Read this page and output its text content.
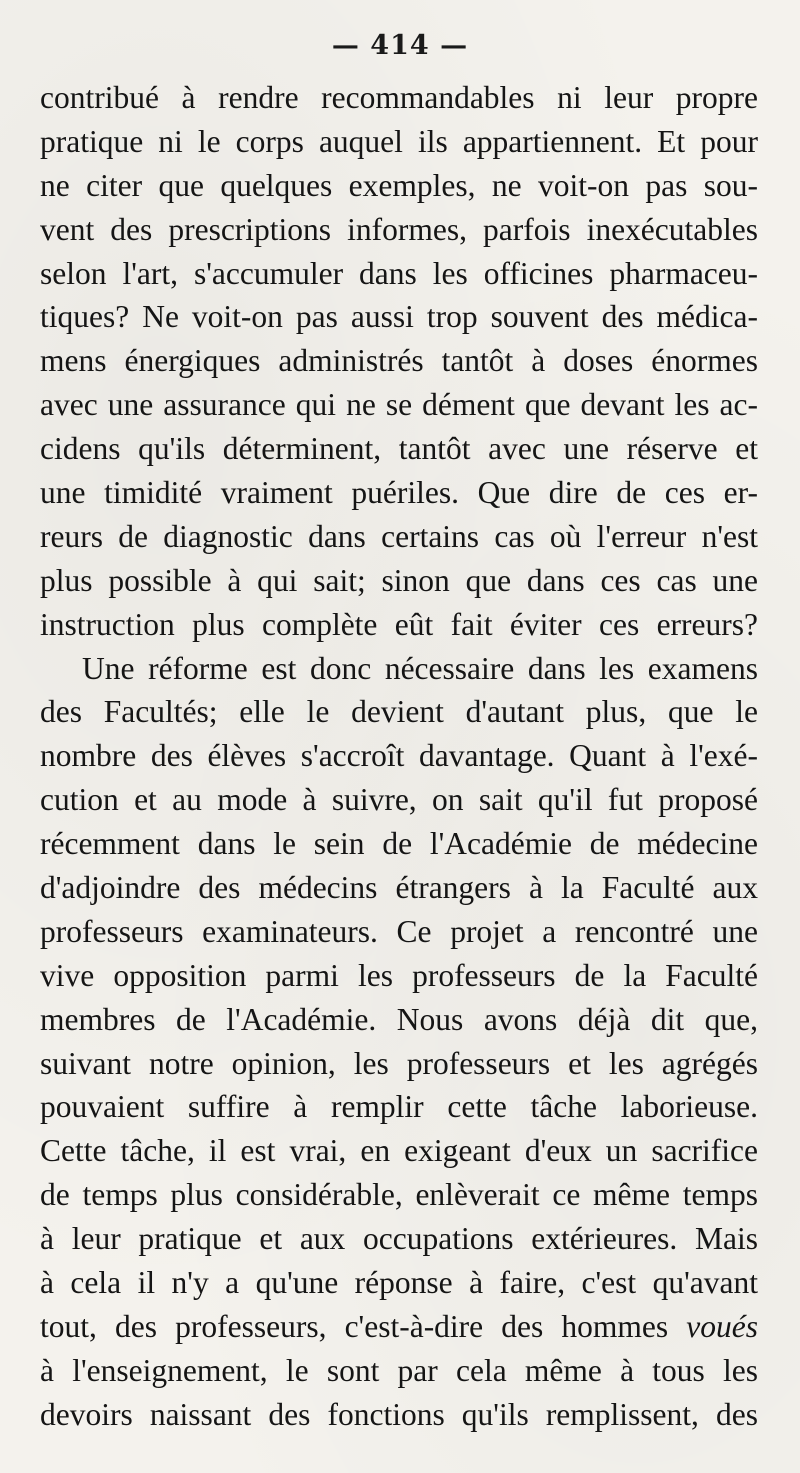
— 414 —
contribué à rendre recommandables ni leur propre
pratique ni le corps auquel ils appartiennent. Et pour
ne citer que quelques exemples, ne voit-on pas sou-
vent des prescriptions informes, parfois inexécutables
selon l'art, s'accumuler dans les officines pharmaceu-
tiques? Ne voit-on pas aussi trop souvent des médica-
mens énergiques administrés tantôt à doses énormes
avec une assurance qui ne se dément que devant les ac-
cidens qu'ils déterminent, tantôt avec une réserve et
une timidité vraiment puériles. Que dire de ces er-
reurs de diagnostic dans certains cas où l'erreur n'est
plus possible à qui sait; sinon que dans ces cas une
instruction plus complète eût fait éviter ces erreurs?
Une réforme est donc nécessaire dans les examens
des Facultés; elle le devient d'autant plus, que le
nombre des élèves s'accroît davantage. Quant à l'exé-
cution et au mode à suivre, on sait qu'il fut proposé
récemment dans le sein de l'Académie de médecine
d'adjoindre des médecins étrangers à la Faculté aux
professeurs examinateurs. Ce projet a rencontré une
vive opposition parmi les professeurs de la Faculté
membres de l'Académie. Nous avons déjà dit que,
suivant notre opinion, les professeurs et les agrégés
pouvaient suffire à remplir cette tâche laborieuse.
Cette tâche, il est vrai, en exigeant d'eux un sacrifice
de temps plus considérable, enlèverait ce même temps
à leur pratique et aux occupations extérieures. Mais
à cela il n'y a qu'une réponse à faire, c'est qu'avant
tout, des professeurs, c'est-à-dire des hommes voués
à l'enseignement, le sont par cela même à tous les
devoirs naissant des fonctions qu'ils remplissent, des
